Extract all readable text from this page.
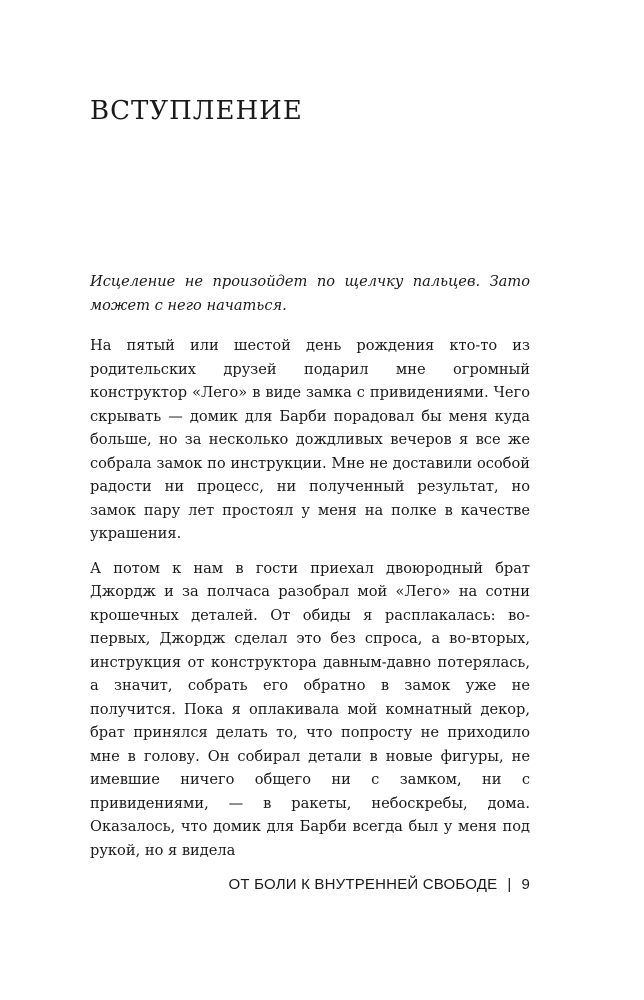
ВСТУПЛЕНИЕ

Исцеление не произойдет по щелчку пальцев. Зато может с него начаться.

На пятый или шестой день рождения кто-то из родительских друзей подарил мне огромный конструктор «Лего» в виде замка с привидениями. Чего скрывать — домик для Барби порадовал бы меня куда больше, но за несколько дождливых вечеров я все же собрала замок по инструкции. Мне не доставили особой радости ни процесс, ни полученный результат, но замок пару лет простоял у меня на полке в качестве украшения.

А потом к нам в гости приехал двоюродный брат Джордж и за полчаса разобрал мой «Лего» на сотни крошечных деталей. От обиды я расплакалась: во-первых, Джордж сделал это без спроса, а во-вторых, инструкция от конструктора давным-давно потерялась, а значит, собрать его обратно в замок уже не получится. Пока я оплакивала мой комнатный декор, брат принялся делать то, что попросту не приходило мне в голову. Он собирал детали в новые фигуры, не имевшие ничего общего ни с замком, ни с привидениями, — в ракеты, небоскребы, дома. Оказалось, что домик для Барби всегда был у меня под рукой, но я видела

ОТ БОЛИ К ВНУТРЕННЕЙ СВОБОДЕ | 9
